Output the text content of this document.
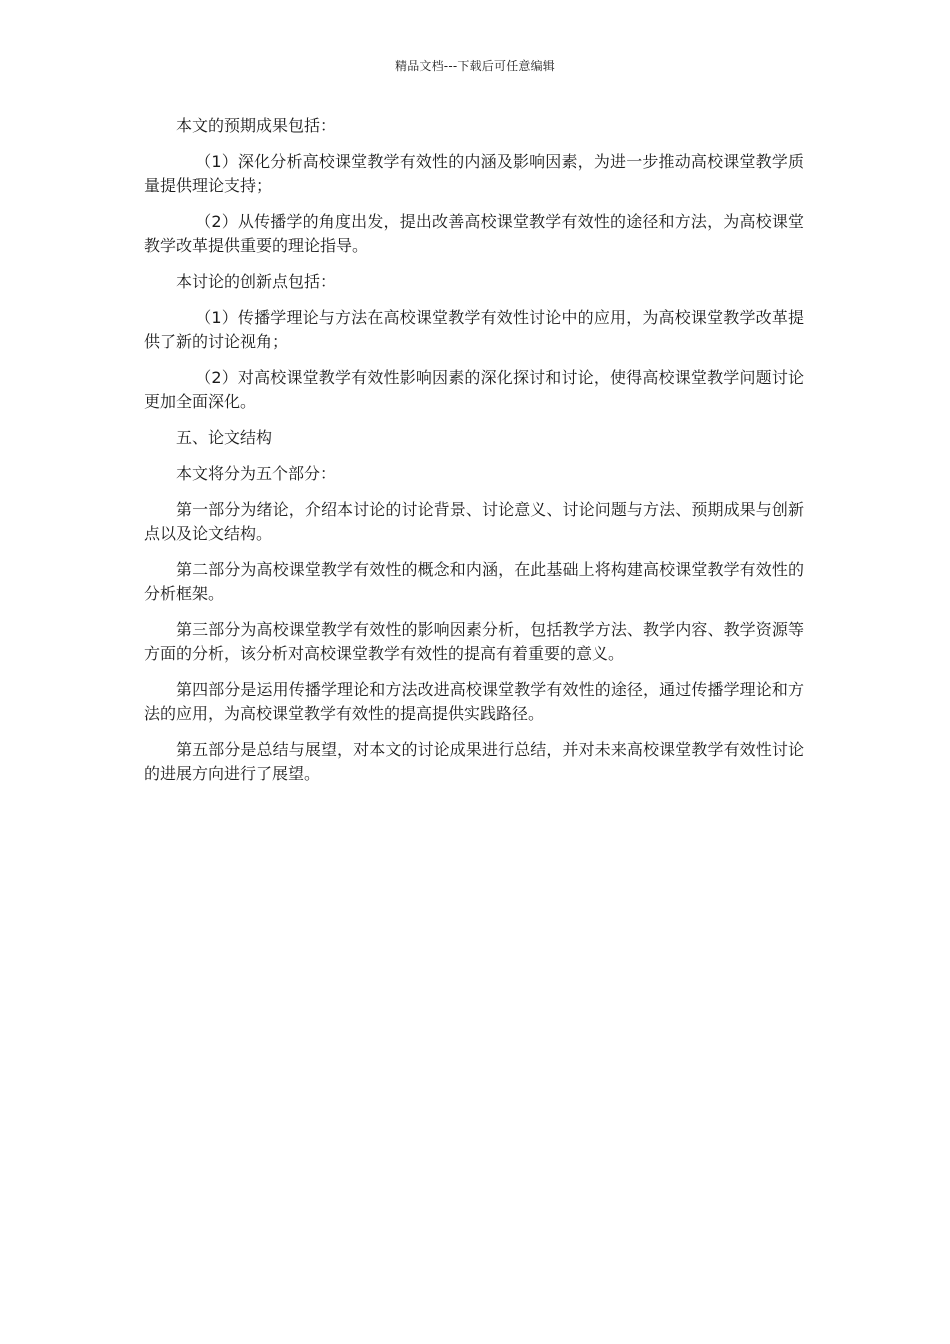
精品文档---下载后可任意编辑

本文的预期成果包括：

（1）深化分析高校课堂教学有效性的内涵及影响因素，为进一步推动高校课堂教学质量提供理论支持；

（2）从传播学的角度出发，提出改善高校课堂教学有效性的途径和方法，为高校课堂教学改革提供重要的理论指导。

本讨论的创新点包括：

（1）传播学理论与方法在高校课堂教学有效性讨论中的应用，为高校课堂教学改革提供了新的讨论视角；

（2）对高校课堂教学有效性影响因素的深化探讨和讨论，使得高校课堂教学问题讨论更加全面深化。

五、论文结构

本文将分为五个部分：

第一部分为绪论，介绍本讨论的讨论背景、讨论意义、讨论问题与方法、预期成果与创新点以及论文结构。

第二部分为高校课堂教学有效性的概念和内涵，在此基础上将构建高校课堂教学有效性的分析框架。

第三部分为高校课堂教学有效性的影响因素分析，包括教学方法、教学内容、教学资源等方面的分析，该分析对高校课堂教学有效性的提高有着重要的意义。

第四部分是运用传播学理论和方法改进高校课堂教学有效性的途径，通过传播学理论和方法的应用，为高校课堂教学有效性的提高提供实践路径。

第五部分是总结与展望，对本文的讨论成果进行总结，并对未来高校课堂教学有效性讨论的进展方向进行了展望。
